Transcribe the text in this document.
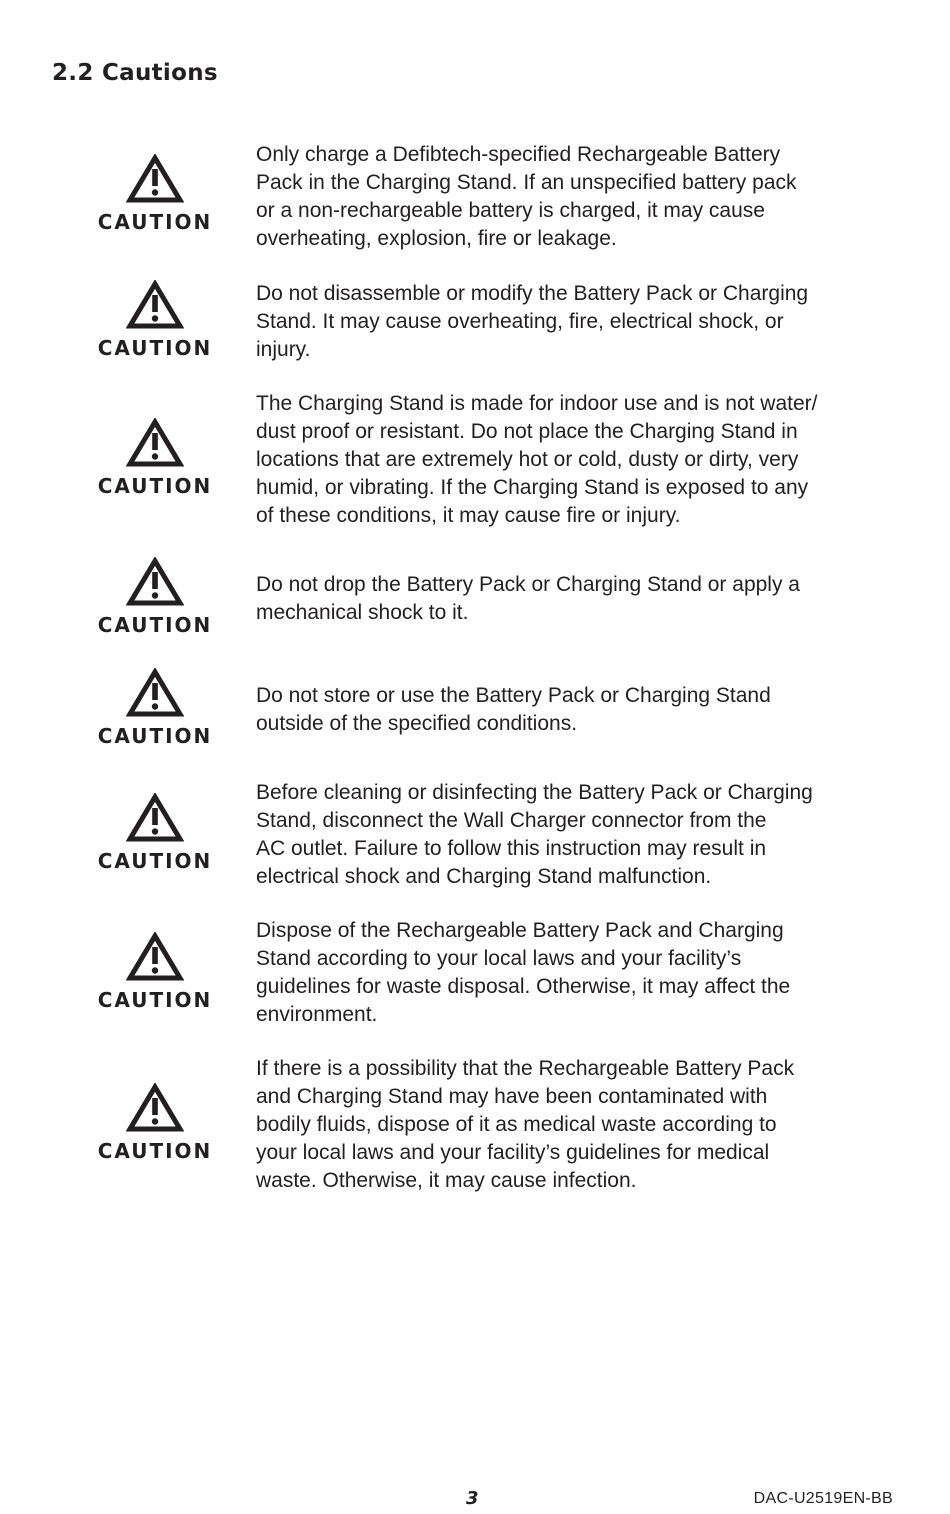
2.2 Cautions
CAUTION

Only charge a Defibtech-specified Rechargeable Battery
Pack in the Charging Stand. If an unspecified battery pack
or a non-rechargeable battery is charged, it may cause
overheating, explosion, fire or leakage.

CAUTION

Do not disassemble or modify the Battery Pack or Charging
Stand. It may cause overheating, fire, electrical shock, or
injury.

CAUTION

The Charging Stand is made for indoor use and is not water/
dust proof or resistant. Do not place the Charging Stand in
locations that are extremely hot or cold, dusty or dirty, very
humid, or vibrating. If the Charging Stand is exposed to any
of these conditions, it may cause fire or injury.

CAUTION

Do not drop the Battery Pack or Charging Stand or apply a
mechanical shock to it.

CAUTION

Do not store or use the Battery Pack or Charging Stand
outside of the specified conditions.

CAUTION

Before cleaning or disinfecting the Battery Pack or Charging
Stand, disconnect the Wall Charger connector from the
AC outlet. Failure to follow this instruction may result in
electrical shock and Charging Stand malfunction.

CAUTION

Dispose of the Rechargeable Battery Pack and Charging
Stand according to your local laws and your facility’s
guidelines for waste disposal. Otherwise, it may affect the
environment.

CAUTION

If there is a possibility that the Rechargeable Battery Pack
and Charging Stand may have been contaminated with
bodily fluids, dispose of it as medical waste according to
your local laws and your facility’s guidelines for medical
waste. Otherwise, it may cause infection.

3	DAC-U2519EN-BB
